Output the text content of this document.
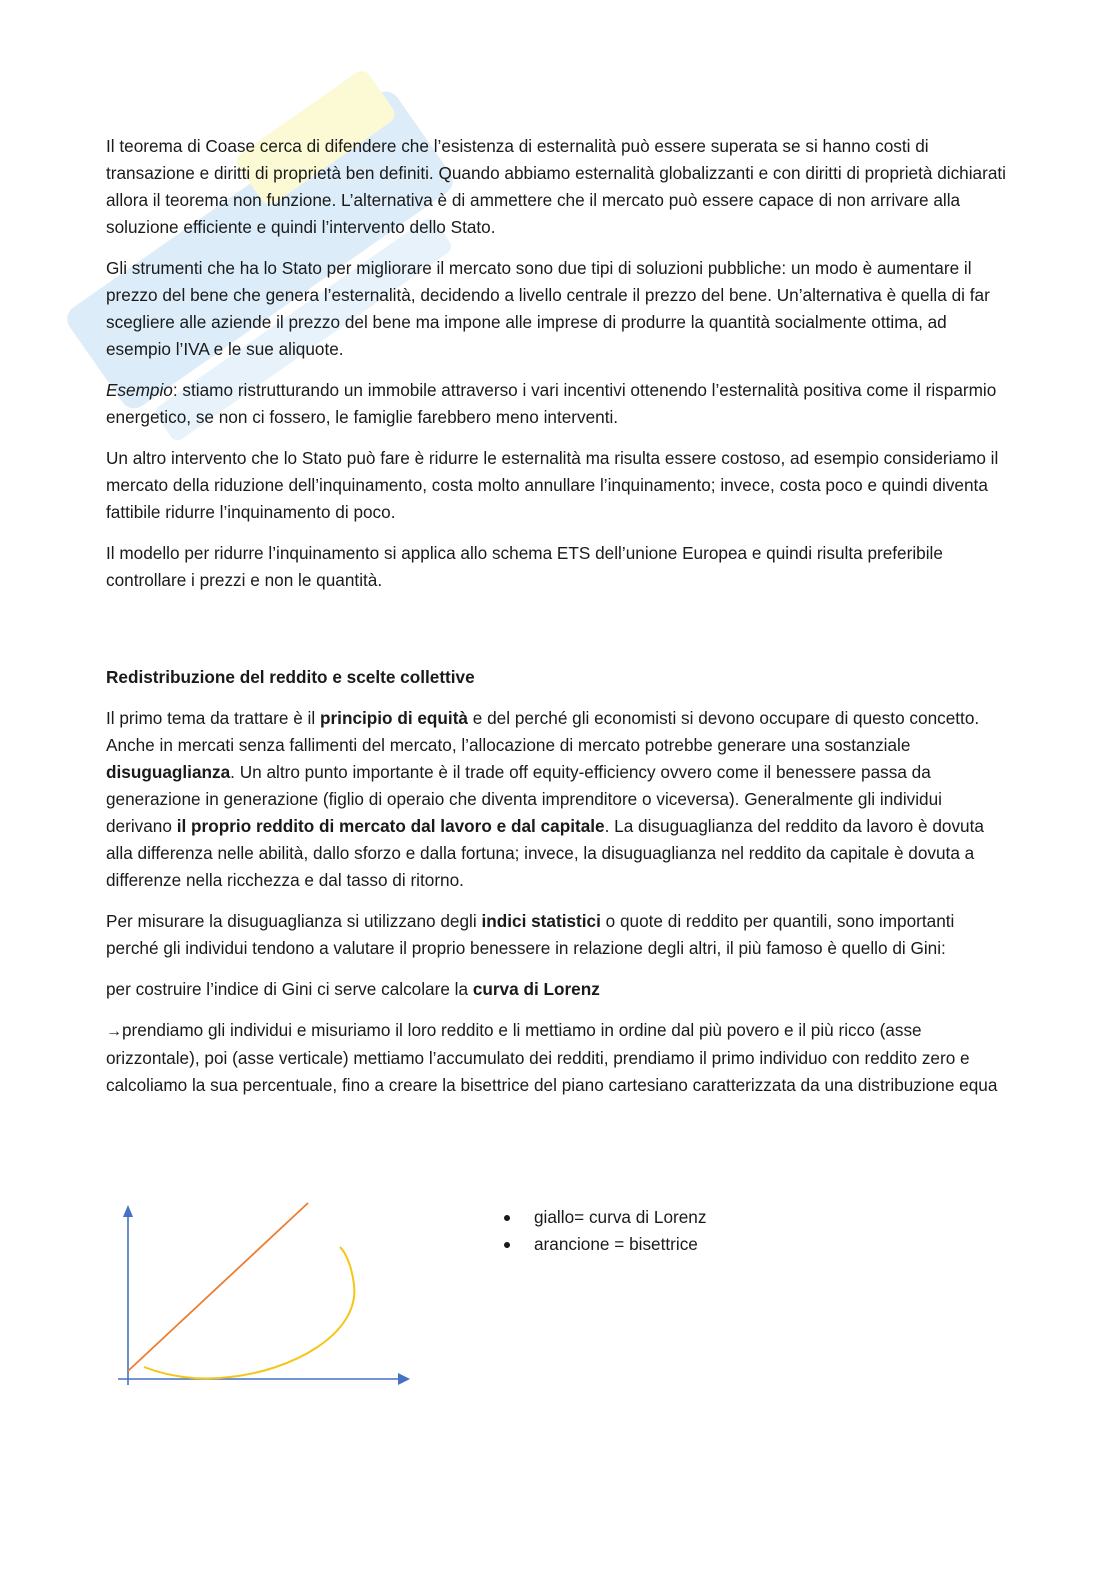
Il teorema di Coase cerca di difendere che l’esistenza di esternalità può essere superata se si hanno costi di transazione e diritti di proprietà ben definiti. Quando abbiamo esternalità globalizzanti e con diritti di proprietà dichiarati allora il teorema non funzione. L’alternativa è di ammettere che il mercato può essere capace di non arrivare alla soluzione efficiente e quindi l’intervento dello Stato.

Gli strumenti che ha lo Stato per migliorare il mercato sono due tipi di soluzioni pubbliche: un modo è aumentare il prezzo del bene che genera l’esternalità, decidendo a livello centrale il prezzo del bene. Un’alternativa è quella di far scegliere alle aziende il prezzo del bene ma impone alle imprese di produrre la quantità socialmente ottima, ad esempio l’IVA e le sue aliquote.

Esempio: stiamo ristrutturando un immobile attraverso i vari incentivi ottenendo l’esternalità positiva come il risparmio energetico, se non ci fossero, le famiglie farebbero meno interventi.

Un altro intervento che lo Stato può fare è ridurre le esternalità ma risulta essere costoso, ad esempio consideriamo il mercato della riduzione dell’inquinamento, costa molto annullare l’inquinamento; invece, costa poco e quindi diventa fattibile ridurre l’inquinamento di poco.

Il modello per ridurre l’inquinamento si applica allo schema ETS dell’unione Europea e quindi risulta preferibile controllare i prezzi e non le quantità.

Redistribuzione del reddito e scelte collettive

Il primo tema da trattare è il principio di equità e del perché gli economisti si devono occupare di questo concetto. Anche in mercati senza fallimenti del mercato, l’allocazione di mercato potrebbe generare una sostanziale disuguaglianza. Un altro punto importante è il trade off equity-efficiency ovvero come il benessere passa da generazione in generazione (figlio di operaio che diventa imprenditore o viceversa). Generalmente gli individui derivano il proprio reddito di mercato dal lavoro e dal capitale. La disuguaglianza del reddito da lavoro è dovuta alla differenza nelle abilità, dallo sforzo e dalla fortuna; invece, la disuguaglianza nel reddito da capitale è dovuta a differenze nella ricchezza e dal tasso di ritorno.

Per misurare la disuguaglianza si utilizzano degli indici statistici o quote di reddito per quantili, sono importanti perché gli individui tendono a valutare il proprio benessere in relazione degli altri, il più famoso è quello di Gini:

per costruire l’indice di Gini ci serve calcolare la curva di Lorenz

→prendiamo gli individui e misuriamo il loro reddito e li mettiamo in ordine dal più povero e il più ricco (asse orizzontale), poi (asse verticale) mettiamo l’accumulato dei redditi, prendiamo il primo individuo con reddito zero e calcoliamo la sua percentuale, fino a creare la bisettrice del piano cartesiano caratterizzata da una distribuzione equa

giallo= curva di Lorenz
arancione = bisettrice
